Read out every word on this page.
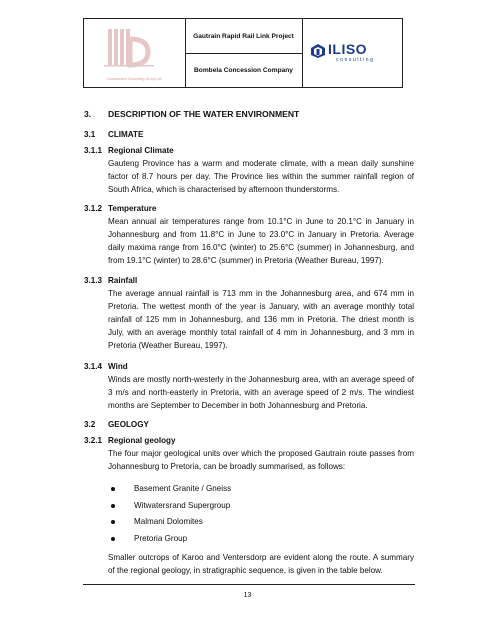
Construction Consulting Group Ltd
Gautrain Rapid Rail Link Project
Bombela Concession Company
ILISO
consulting
3. DESCRIPTION OF THE WATER ENVIRONMENT
3.1 CLIMATE
3.1.1 Regional Climate
Gauteng Province has a warm and moderate climate, with a mean daily sunshine factor of 8.7 hours per day. The Province lies within the summer rainfall region of South Africa, which is characterised by afternoon thunderstorms.
3.1.2 Temperature
Mean annual air temperatures range from 10.1°C in June to 20.1°C in January in Johannesburg and from 11.8°C in June to 23.0°C in January in Pretoria. Average daily maxima range from 16.0°C (winter) to 25.6°C (summer) in Johannesburg, and from 19.1°C (winter) to 28.6°C (summer) in Pretoria (Weather Bureau, 1997).
3.1.3 Rainfall
The average annual rainfall is 713 mm in the Johannesburg area, and 674 mm in Pretoria. The wettest month of the year is January, with an average monthly total rainfall of 125 mm in Johannesburg, and 136 mm in Pretoria. The driest month is July, with an average monthly total rainfall of 4 mm in Johannesburg, and 3 mm in Pretoria (Weather Bureau, 1997).
3.1.4 Wind
Winds are mostly north-westerly in the Johannesburg area, with an average speed of 3 m/s and north-easterly in Pretoria, with an average speed of 2 m/s. The windiest months are September to December in both Johannesburg and Pretoria.
3.2 GEOLOGY
3.2.1 Regional geology
The four major geological units over which the proposed Gautrain route passes from Johannesburg to Pretoria, can be broadly summarised, as follows:
Basement Granite / Gneiss
Witwatersrand Supergroup
Malmani Dolomites
Pretoria Group
Smaller outcrops of Karoo and Ventersdorp are evident along the route. A summary of the regional geology, in stratigraphic sequence, is given in the table below.
13
